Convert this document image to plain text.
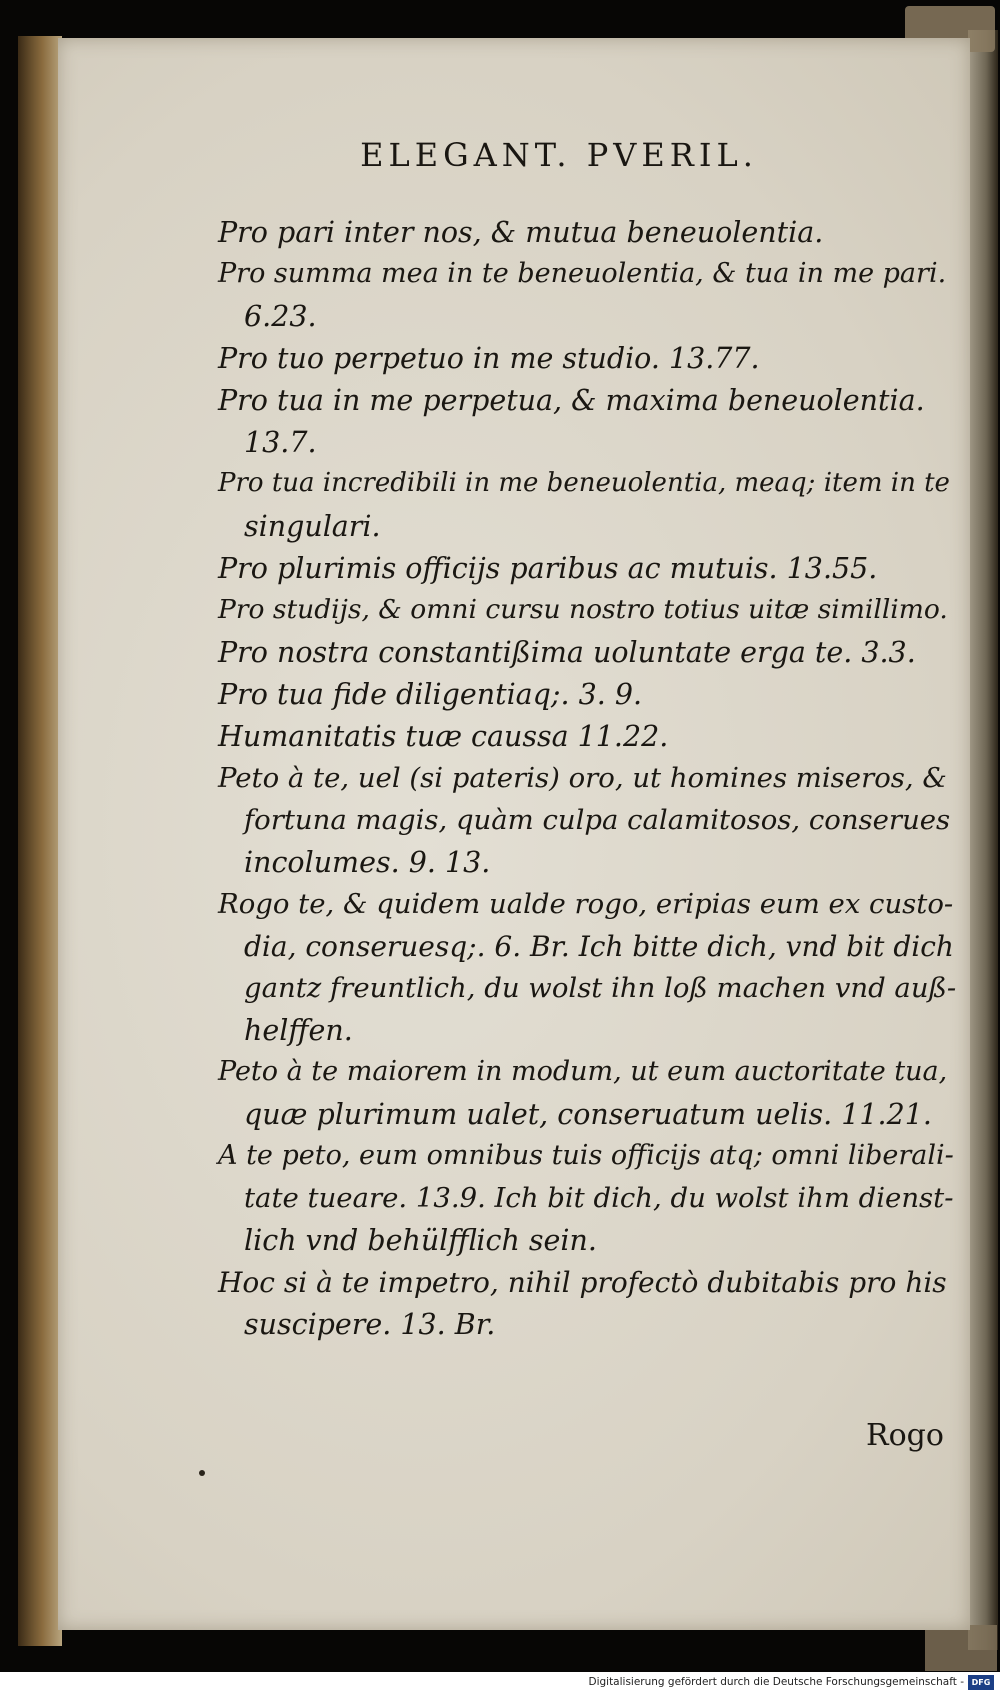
ELEGANT. PVERIL.
Pro pari inter nos, & mutua beneuolentia.
Pro summa mea in te beneuolentia, & tua in me pari.
6.23.
Pro tuo perpetuo in me studio. 13.77.
Pro tua in me perpetua, & maxima beneuolentia.
13.7.
Pro tua incredibili in me beneuolentia, meaq; item in te
singulari.
Pro plurimis officijs paribus ac mutuis. 13.55.
Pro studijs, & omni cursu nostro totius uitæ simillimo.
Pro nostra constantißima uoluntate erga te. 3.3.
Pro tua fide diligentiaq;. 3. 9.
Humanitatis tuæ caussa 11.22.
Peto à te, uel (si pateris) oro, ut homines miseros, &
fortuna magis, quàm culpa calamitosos, conserues
incolumes. 9. 13.
Rogo te, & quidem ualde rogo, eripias eum ex custo-
dia, conseruesq;. 6. Br. Ich bitte dich, vnd bit dich
gantz freuntlich, du wolst ihn loß machen vnd auß-
helffen.
Peto à te maiorem in modum, ut eum auctoritate tua,
quæ plurimum ualet, conseruatum uelis. 11.21.
A te peto, eum omnibus tuis officijs atq; omni liberali-
tate tueare. 13.9. Ich bit dich, du wolst ihm dienst-
lich vnd behülfflich sein.
Hoc si à te impetro, nihil profectò dubitabis pro his
suscipere. 13. Br.
Rogo
Digitalisierung gefördert durch die Deutsche Forschungsgemeinschaft - DFG
